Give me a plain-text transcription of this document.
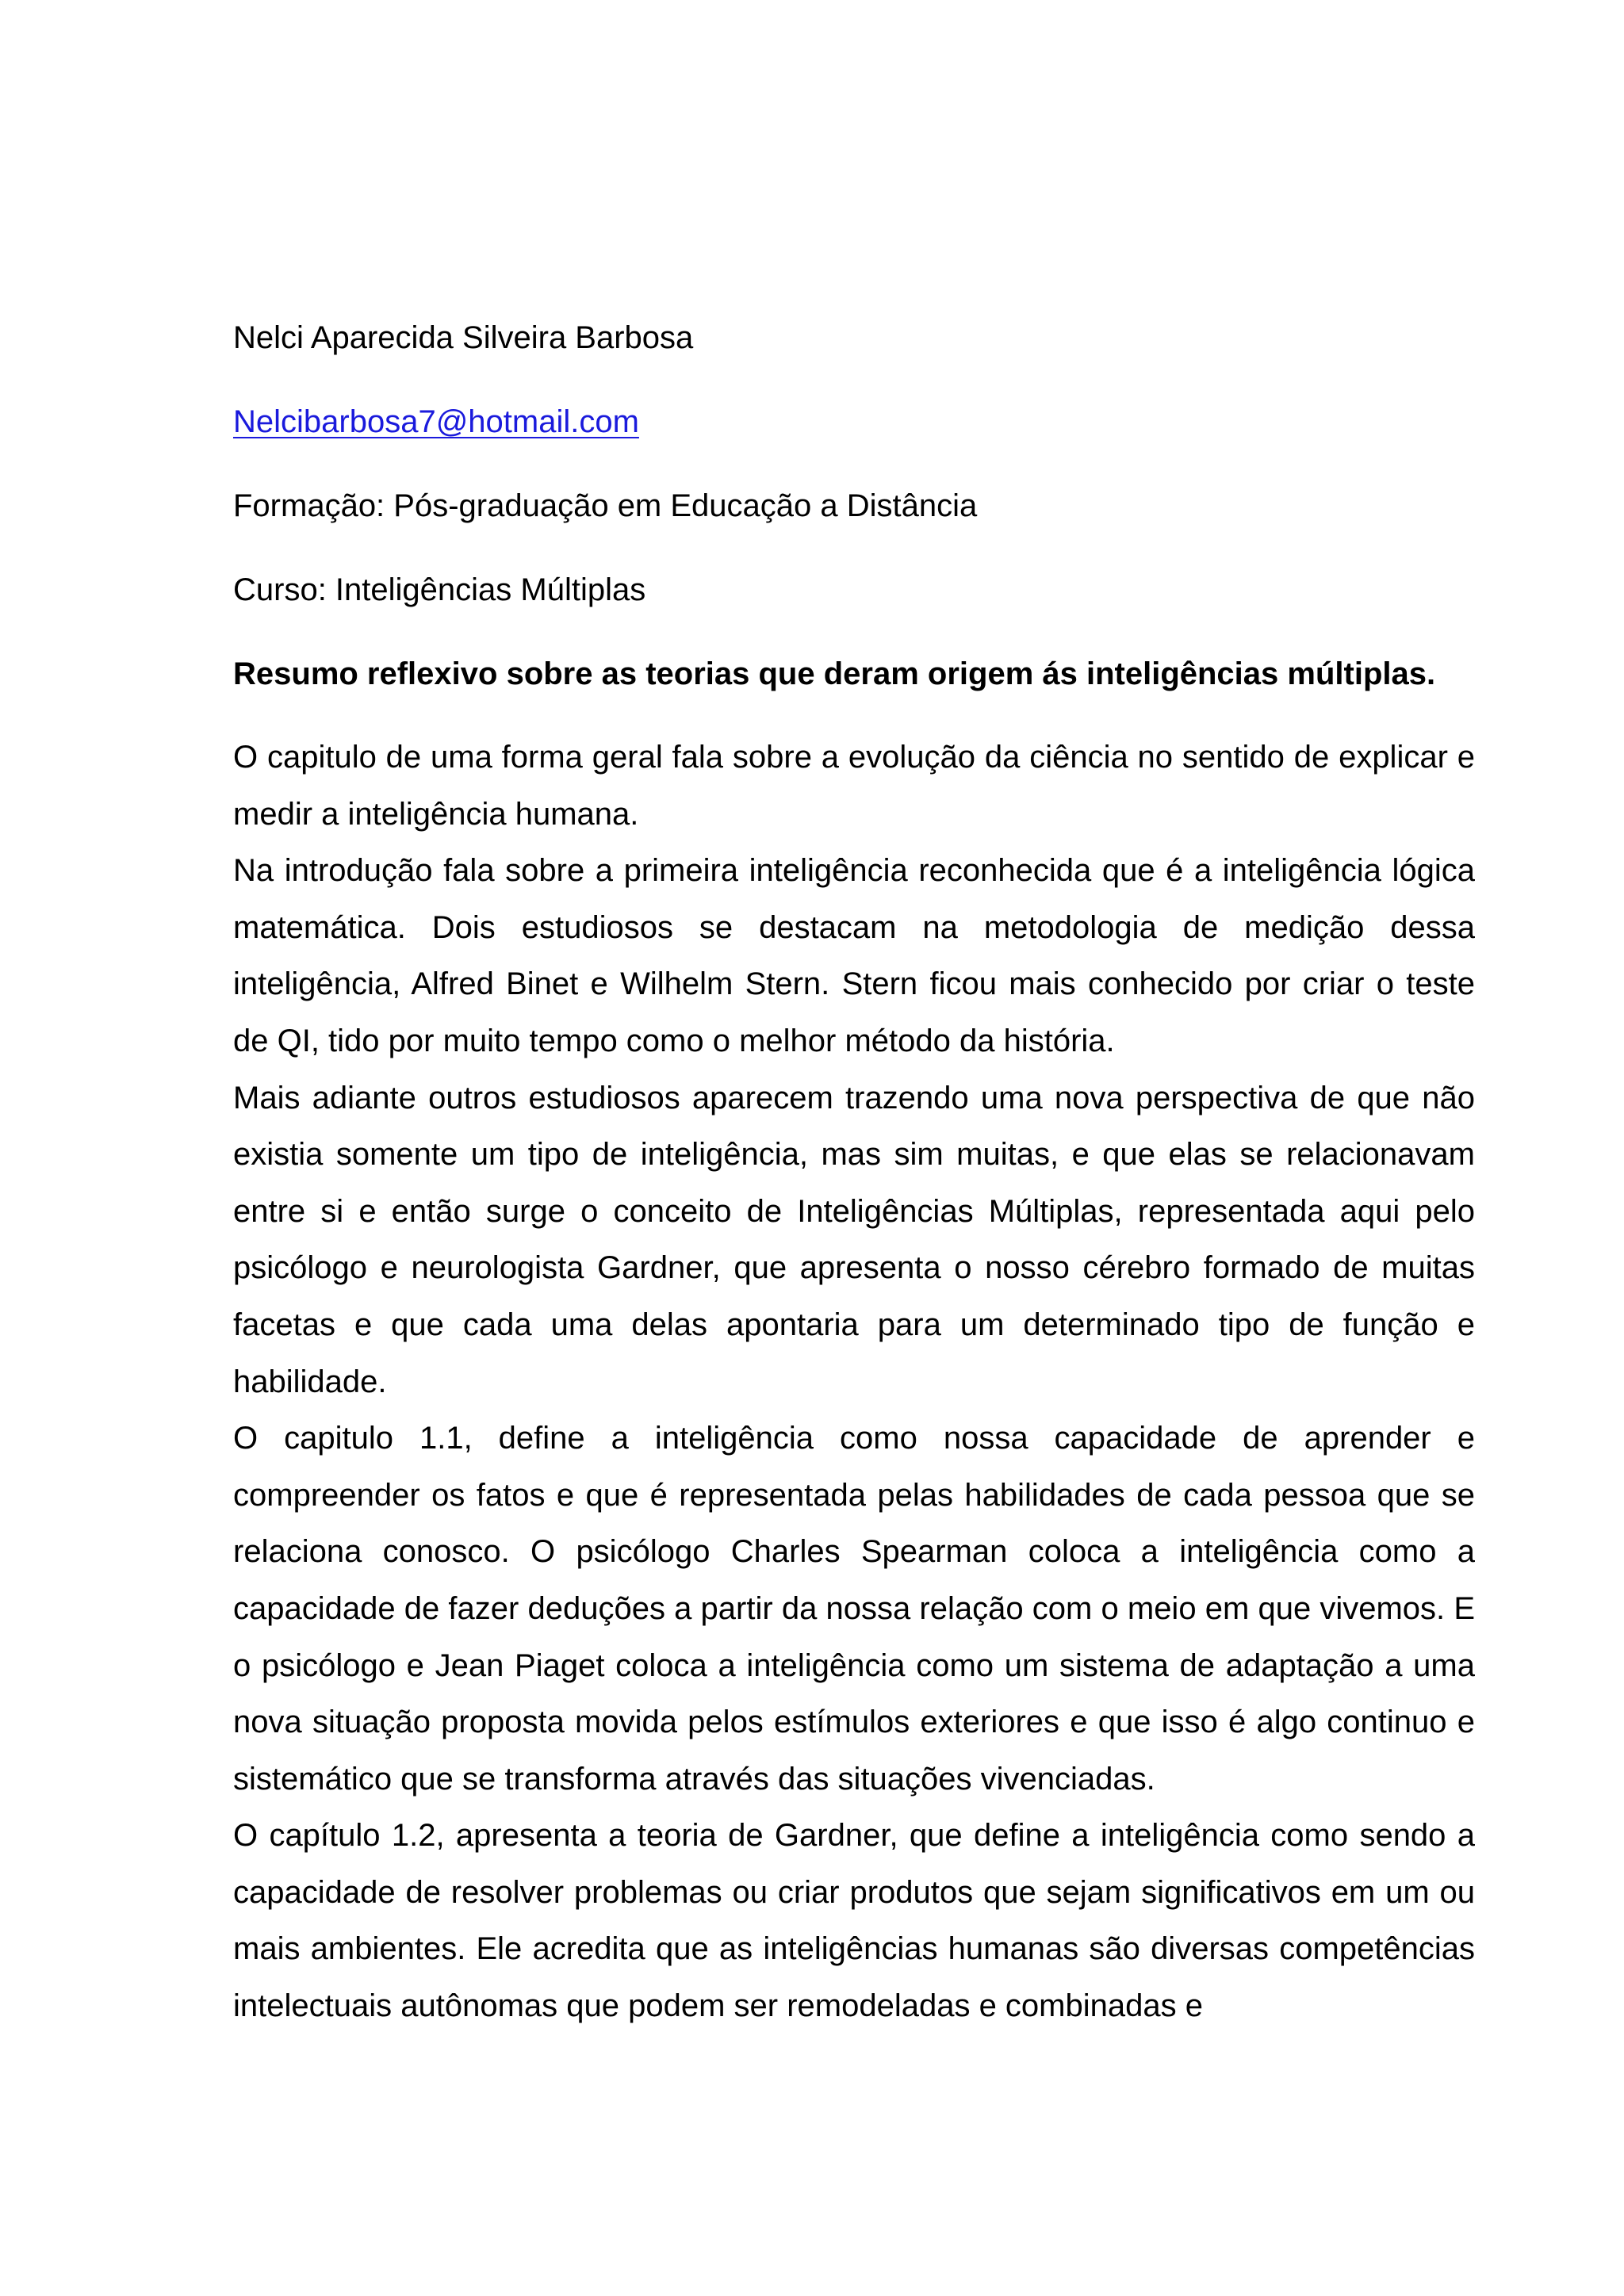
Nelci Aparecida Silveira Barbosa

Nelcibarbosa7@hotmail.com

Formação: Pós-graduação em Educação a Distância

Curso: Inteligências Múltiplas

Resumo reflexivo sobre as teorias que deram origem ás inteligências múltiplas.

O capitulo de uma forma geral fala sobre a evolução da ciência no sentido de explicar e medir a inteligência humana.

Na introdução fala sobre a primeira inteligência reconhecida que é a inteligência lógica matemática. Dois estudiosos se destacam na metodologia de medição dessa inteligência, Alfred Binet e Wilhelm Stern. Stern ficou mais conhecido por criar o teste de QI, tido por muito tempo como o melhor método da história.

Mais adiante outros estudiosos aparecem trazendo uma nova perspectiva de que não existia somente um tipo de inteligência, mas sim muitas, e que elas se relacionavam entre si e então surge o conceito de Inteligências Múltiplas, representada aqui pelo psicólogo e neurologista Gardner, que apresenta o nosso cérebro formado de muitas facetas e que cada uma delas apontaria para um determinado tipo de função e habilidade.

O capitulo 1.1, define a inteligência como nossa capacidade de aprender e compreender os fatos e que é representada pelas habilidades de cada pessoa que se relaciona conosco. O psicólogo Charles Spearman coloca a inteligência como a capacidade de fazer deduções a partir da nossa relação com o meio em que vivemos. E o psicólogo e Jean Piaget coloca a inteligência como um sistema de adaptação a uma nova situação proposta movida pelos estímulos exteriores e que isso é algo continuo e sistemático que se transforma através das situações vivenciadas.

O capítulo 1.2, apresenta a teoria de Gardner, que define a inteligência como sendo a capacidade de resolver problemas ou criar produtos que sejam significativos em um ou mais ambientes. Ele acredita que as inteligências humanas são diversas competências intelectuais autônomas que podem ser remodeladas e combinadas e
